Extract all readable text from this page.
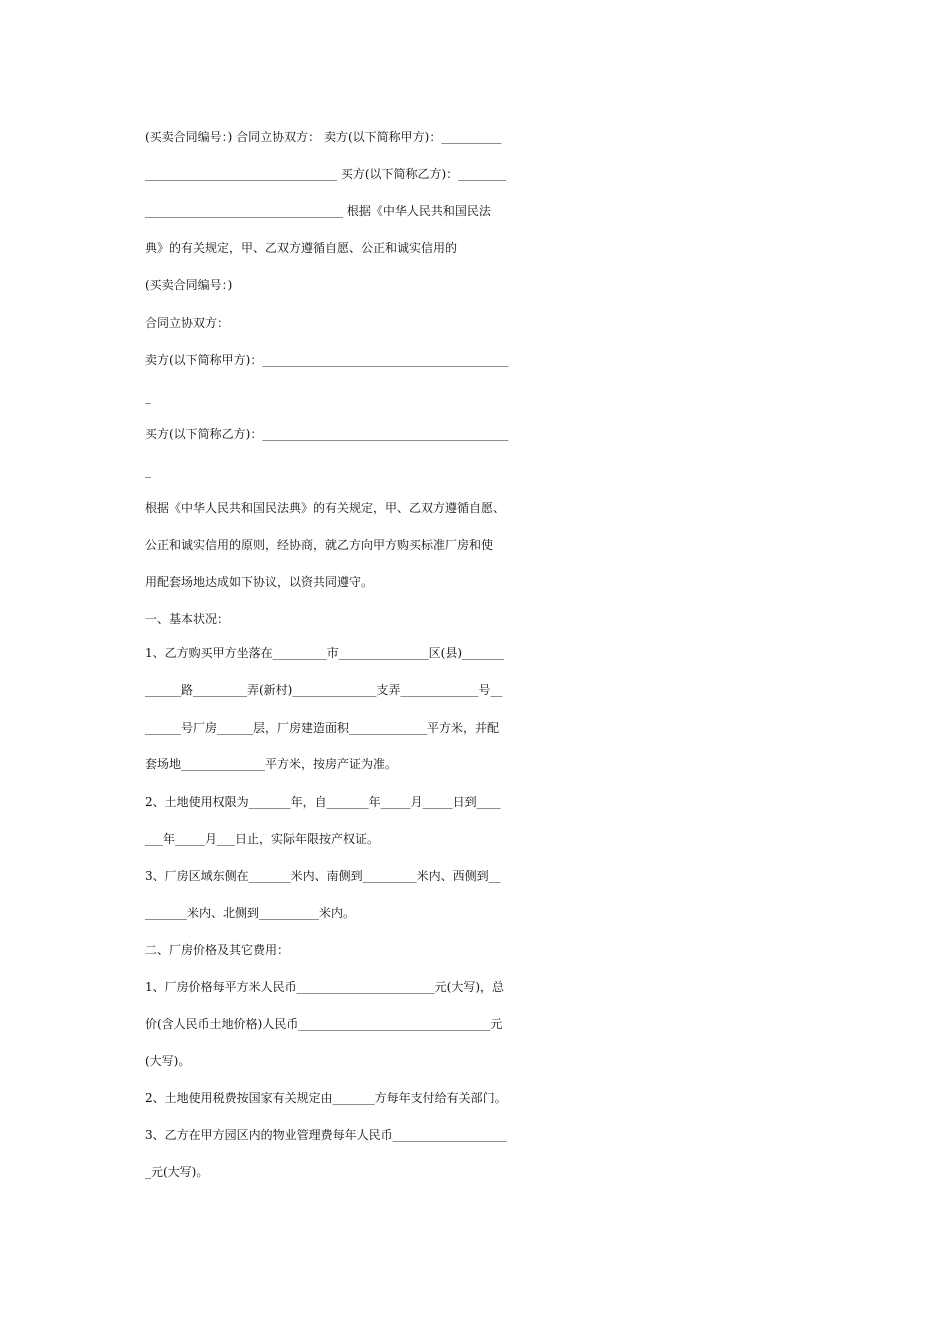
(买卖合同编号：) 合同立协双方： 卖方(以下简称甲方)：__________
________________________________ 买方(以下简称乙方)：________
_________________________________ 根据《中华人民共和国民法
典》的有关规定，甲、乙双方遵循自愿、公正和诚实信用的
(买卖合同编号：)
合同立协双方：
卖方(以下简称甲方)：_________________________________________
_
买方(以下简称乙方)：_________________________________________
_
根据《中华人民共和国民法典》的有关规定，甲、乙双方遵循自愿、
公正和诚实信用的原则，经协商，就乙方向甲方购买标准厂房和使
用配套场地达成如下协议，以资共同遵守。
一、基本状况：
1、乙方购买甲方坐落在_________市_______________区(县)_______
______路_________弄(新村)______________支弄_____________号__
______号厂房______层，厂房建造面积_____________平方米，并配
套场地______________平方米，按房产证为准。
2、土地使用权限为_______年，自_______年_____月_____日到____
___年_____月___日止，实际年限按产权证。
3、厂房区域东侧在_______米内、南侧到_________米内、西侧到__
_______米内、北侧到__________米内。
二、厂房价格及其它费用：
1、厂房价格每平方米人民币_______________________元(大写)，总
价(含人民币土地价格)人民币________________________________元
(大写)。
2、土地使用税费按国家有关规定由_______方每年支付给有关部门。
3、乙方在甲方园区内的物业管理费每年人民币___________________
_元(大写)。
